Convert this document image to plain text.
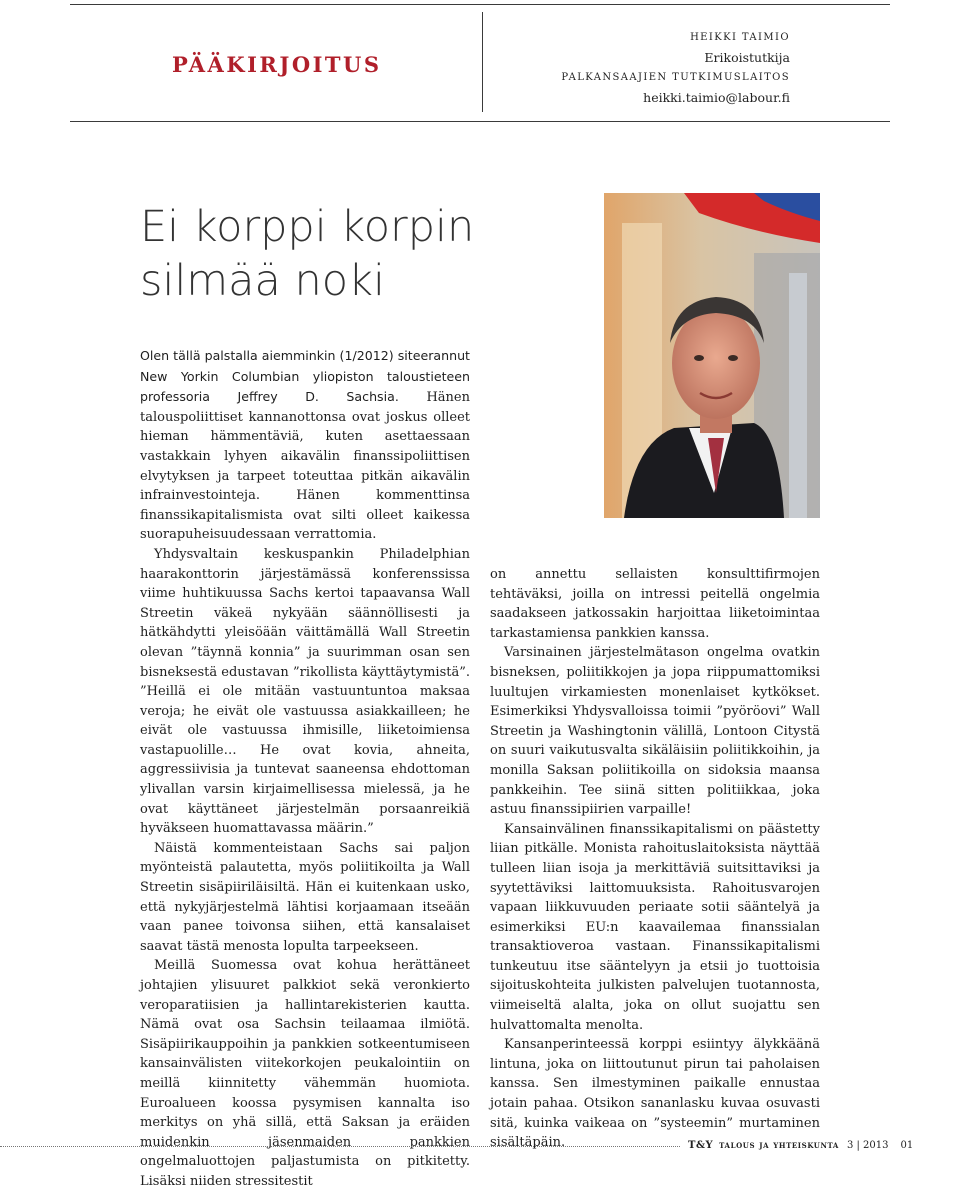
PÄÄKIRJOITUS
HEIKKI TAIMIO
Erikoistutkija
PALKANSAAJIEN TUTKIMUSLAITOS
heikki.taimio@labour.fi
Ei korppi korpin
silmää noki

Olen tällä palstalla aiemminkin (1/2012) siteerannut New Yorkin Columbian yliopiston taloustieteen professoria Jeffrey D. Sachsia. Hänen talouspoliittiset kannanottonsa ovat joskus olleet hieman hämmentäviä, kuten asettaessaan vastakkain lyhyen aikavälin finanssipoliittisen elvytyksen ja tarpeet toteuttaa pitkän aikavälin infrainvestointeja. Hänen kommenttinsa finanssikapitalismista ovat silti olleet kaikessa suorapuheisuudessaan verrattomia.

Yhdysvaltain keskuspankin Philadelphian haarakonttorin järjestämässä konferenssissa viime huhtikuussa Sachs kertoi tapaavansa Wall Streetin väkeä nykyään säännöllisesti ja hätkähdytti yleisöään väittämällä Wall Streetin olevan ”täynnä konnia” ja suurimman osan sen bisneksestä edustavan ”rikollista käyttäytymistä”. ”Heillä ei ole mitään vastuuntuntoa maksaa veroja; he eivät ole vastuussa asiakkailleen; he eivät ole vastuussa ihmisille, liiketoimiensa vastapuolille… He ovat kovia, ahneita, aggressiivisia ja tuntevat saaneensa ehdottoman ylivallan varsin kirjaimellisessa mielessä, ja he ovat käyttäneet järjestelmän porsaanreikiä hyväkseen huomattavassa määrin.”

Näistä kommenteistaan Sachs sai paljon myönteistä palautetta, myös poliitikoilta ja Wall Streetin sisäpiiriläisiltä. Hän ei kuitenkaan usko, että nykyjärjestelmä lähtisi korjaamaan itseään vaan panee toivonsa siihen, että kansalaiset saavat tästä menosta lopulta tarpeekseen.

Meillä Suomessa ovat kohua herättäneet johtajien ylisuuret palkkiot sekä veronkierto veroparatiisien ja hallintarekisterien kautta. Nämä ovat osa Sachsin teilaamaa ilmiötä. Sisäpiirikauppoihin ja pankkien sotkeentumiseen kansainvälisten viitekorkojen peukalointiin on meillä kiinnitetty vähemmän huomiota. Euroalueen koossa pysymisen kannalta iso merkitys on yhä sillä, että Saksan ja eräiden muidenkin jäsenmaiden pankkien ongelmaluottojen paljastumista on pitkitetty. Lisäksi niiden stressitestit

on annettu sellaisten konsulttifirmojen tehtäväksi, joilla on intressi peitellä ongelmia saadakseen jatkossakin harjoittaa liiketoimintaa tarkastamiensa pankkien kanssa.

Varsinainen järjestelmätason ongelma ovatkin bisneksen, poliitikkojen ja jopa riippumattomiksi luultujen virkamiesten monenlaiset kytkökset. Esimerkiksi Yhdysvalloissa toimii ”pyöröovi” Wall Streetin ja Washingtonin välillä, Lontoon Citystä on suuri vaikutusvalta sikäläisiin poliitikkoihin, ja monilla Saksan poliitikoilla on sidoksia maansa pankkeihin. Tee siinä sitten politiikkaa, joka astuu finanssipiirien varpaille!

Kansainvälinen finanssikapitalismi on päästetty liian pitkälle. Monista rahoituslaitoksista näyttää tulleen liian isoja ja merkittäviä suitsittaviksi ja syytettäviksi laittomuuksista. Rahoitusvarojen vapaan liikkuvuuden periaate sotii sääntelyä ja esimerkiksi EU:n kaavailemaa finanssialan transaktioveroa vastaan. Finanssikapitalismi tunkeutuu itse sääntelyyn ja etsii jo tuottoisia sijoituskohteita julkisten palvelujen tuotannosta, viimeiseltä alalta, joka on ollut suojattu sen hulvattomalta menolta.

Kansanperinteessä korppi esiintyy älykkäänä lintuna, joka on liittoutunut pirun tai paholaisen kanssa. Sen ilmestyminen paikalle ennustaa jotain pahaa. Otsikon sananlasku kuvaa osuvasti sitä, kuinka vaikeaa on ”systeemin” murtaminen sisältäpäin.	T&Y talous ja yhteiskunta 3 | 2013 01
